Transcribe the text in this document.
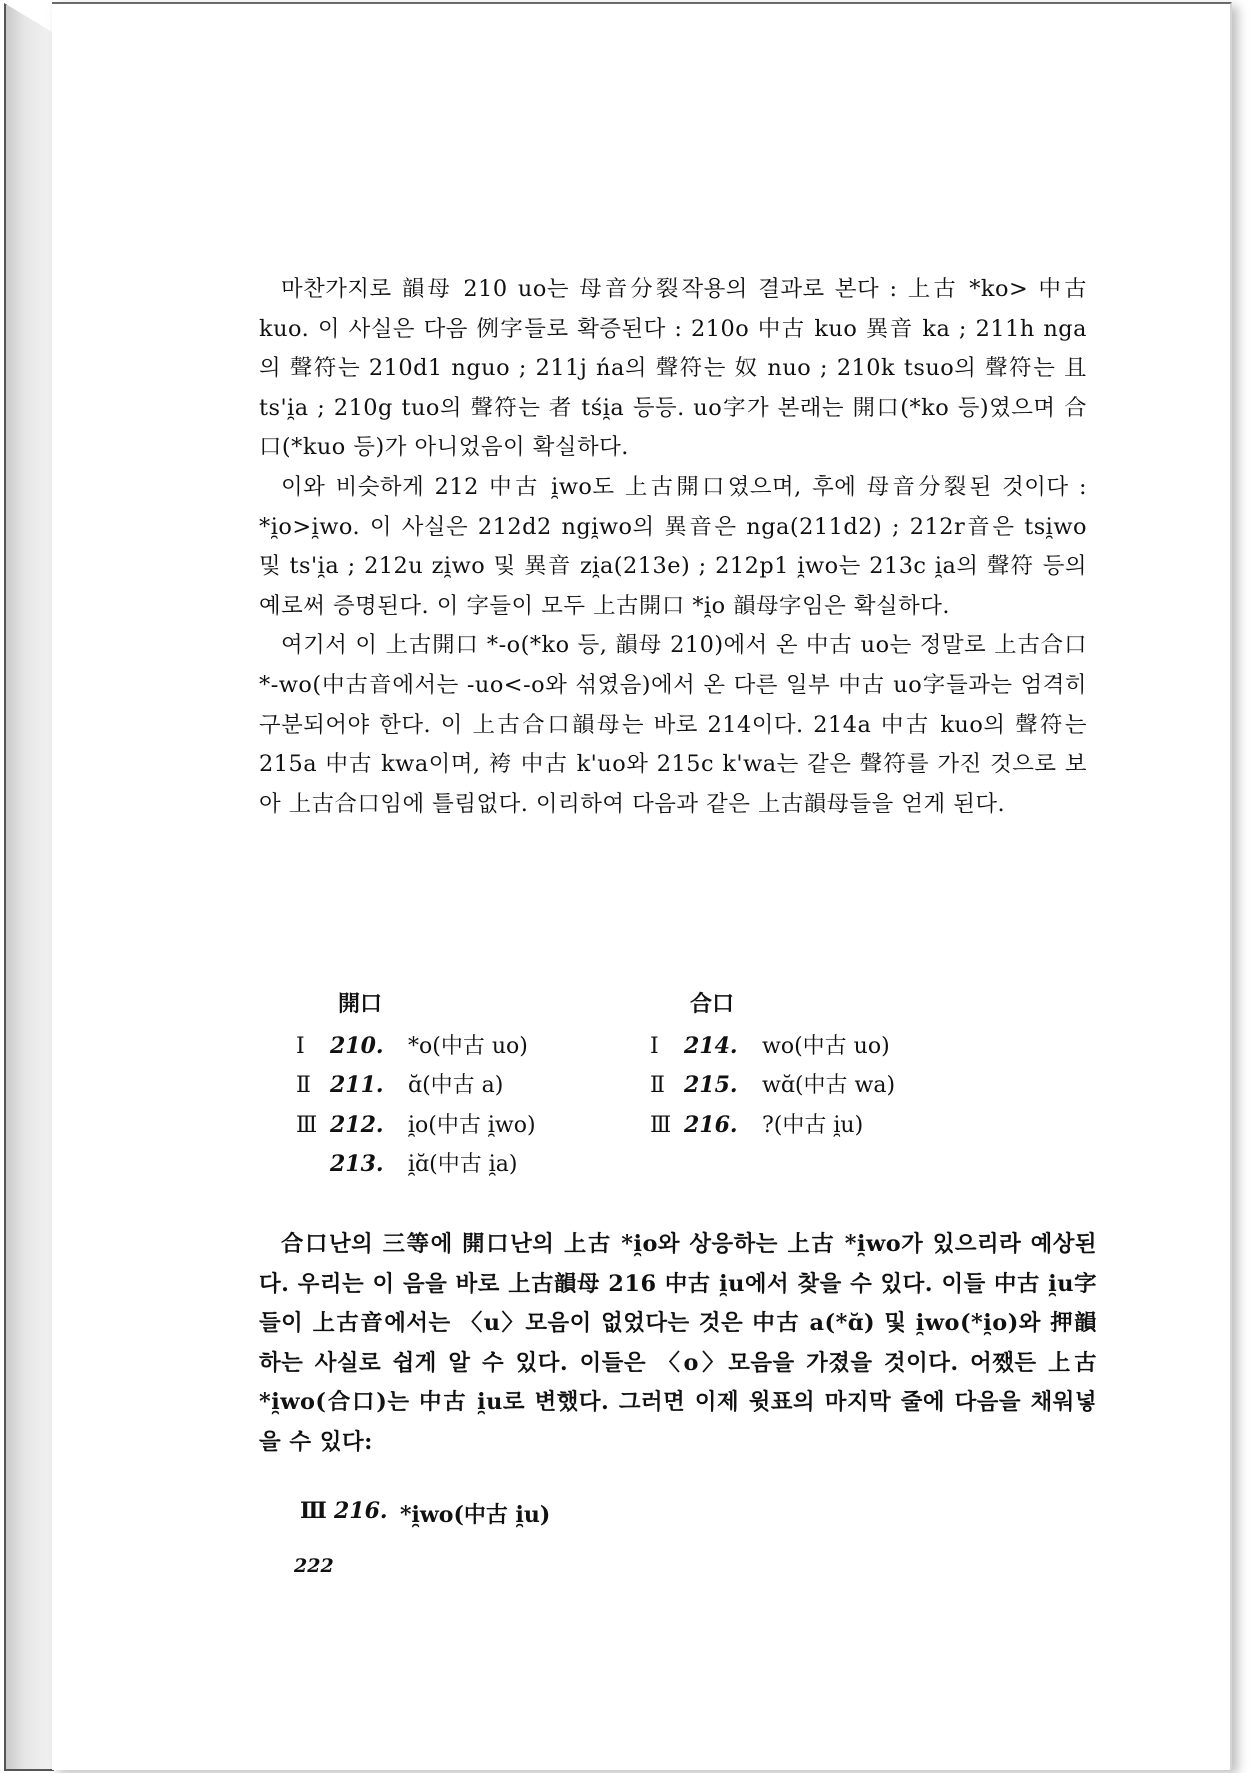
마찬가지로 韻母 210 uo는 母音分裂작용의 결과로 본다 : 上古 *ko> 中古 kuo. 이 사실은 다음 例字들로 확증된다 : 210o 中古 kuo 異音 ka ; 211h nga의 聲符는 210d1 nguo ; 211j ńa의 聲符는 奴 nuo ; 210k tsuo의 聲符는 且 ts'i̯a ; 210g tuo의 聲符는 者 tśi̯a 등등. uo字가 본래는 開口(*ko 등)였으며 合口(*kuo 등)가 아니었음이 확실하다.

이와 비슷하게 212 中古 i̯wo도 上古開口였으며, 후에 母音分裂된 것이다 : *i̯o>i̯wo. 이 사실은 212d2 ngi̯wo의 異音은 nga(211d2) ; 212r音은 tsi̯wo 및 ts'i̯a ; 212u zi̯wo 및 異音 zi̯a(213e) ; 212p1 i̯wo는 213c i̯a의 聲符 등의 예로써 증명된다. 이 字들이 모두 上古開口 *i̯o 韻母字임은 확실하다.

여기서 이 上古開口 *-o(*ko 등, 韻母 210)에서 온 中古 uo는 정말로 上古合口 *-wo(中古音에서는 -uo<-o와 섞였음)에서 온 다른 일부 中古 uo字들과는 엄격히 구분되어야 한다. 이 上古合口韻母는 바로 214이다. 214a 中古 kuo의 聲符는 215a 中古 kwa이며, 袴 中古 k'uo와 215c k'wa는 같은 聲符를 가진 것으로 보아 上古合口임에 틀림없다. 이리하여 다음과 같은 上古韻母들을 얻게 된다.

開口
Ⅰ	210.	*o(中古 uo)
Ⅱ 211.	ɑ̆(中古 a)
Ⅲ 212.	i̯o(中古 i̯wo)
213.	i̯ɑ̆(中古 i̯a)
合口
Ⅰ	214.	wo(中古 uo)
Ⅱ 215.	wɑ̆(中古 wa)
Ⅲ 216.	?(中古 i̯u)

合口난의 三等에 開口난의 上古 *i̯o와 상응하는 上古 *i̯wo가 있으리라 예상된다. 우리는 이 음을 바로 上古韻母 216 中古 i̯u에서 찾을 수 있다. 이들 中古 i̯u字들이 上古音에서는 〈u〉모음이 없었다는 것은 中古 a(*ɑ̆) 및 i̯wo(*i̯o)와 押韻하는 사실로 쉽게 알 수 있다. 이들은 〈o〉모음을 가졌을 것이다. 어쨌든 上古 *i̯wo(合口)는 中古 i̯u로 변했다. 그러면 이제 윗표의 마지막 줄에 다음을 채워넣을 수 있다:

Ⅲ 216. *i̯wo(中古 i̯u)
222
